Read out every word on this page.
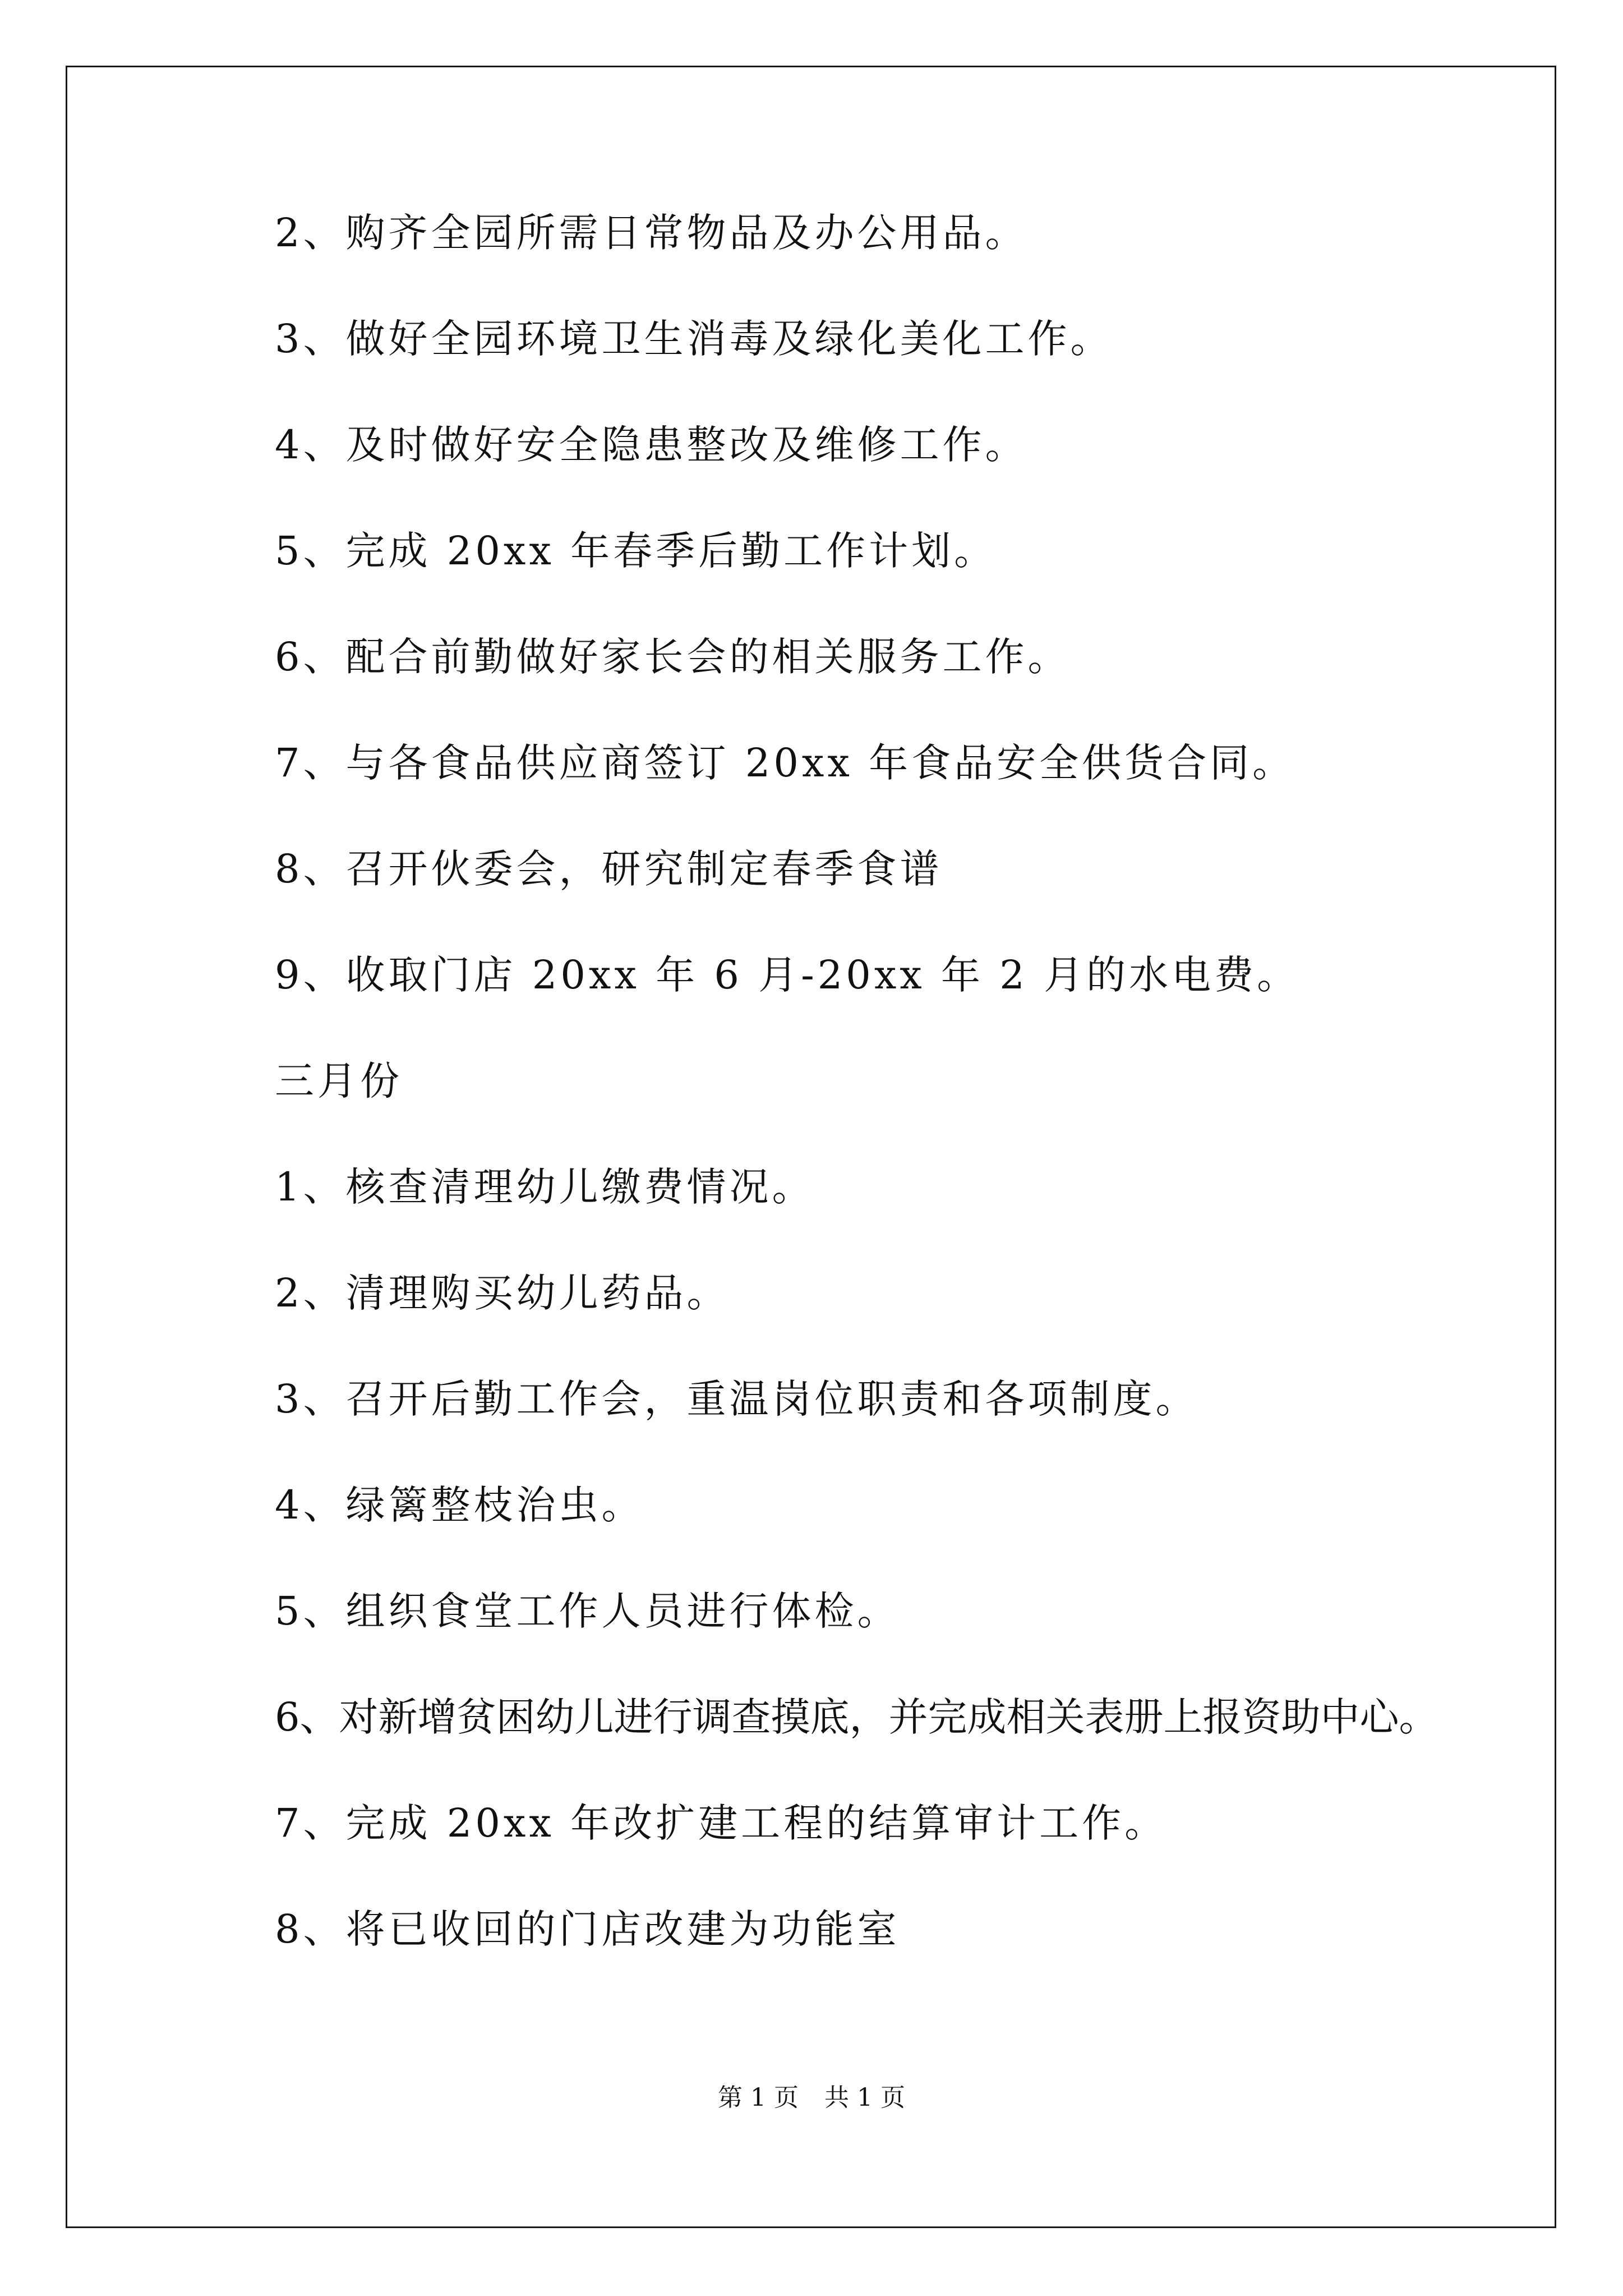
2、购齐全园所需日常物品及办公用品。
3、做好全园环境卫生消毒及绿化美化工作。
4、及时做好安全隐患整改及维修工作。
5、完成 20xx 年春季后勤工作计划。
6、配合前勤做好家长会的相关服务工作。
7、与各食品供应商签订 20xx 年食品安全供货合同。
8、召开伙委会，研究制定春季食谱
9、收取门店 20xx 年 6 月-20xx 年 2 月的水电费。
三月份
1、核查清理幼儿缴费情况。
2、清理购买幼儿药品。
3、召开后勤工作会，重温岗位职责和各项制度。
4、绿篱整枝治虫。
5、组织食堂工作人员进行体检。
6、对新增贫困幼儿进行调查摸底，并完成相关表册上报资助中心。
7、完成 20xx 年改扩建工程的结算审计工作。
8、将已收回的门店改建为功能室
第 1 页 共 1 页
